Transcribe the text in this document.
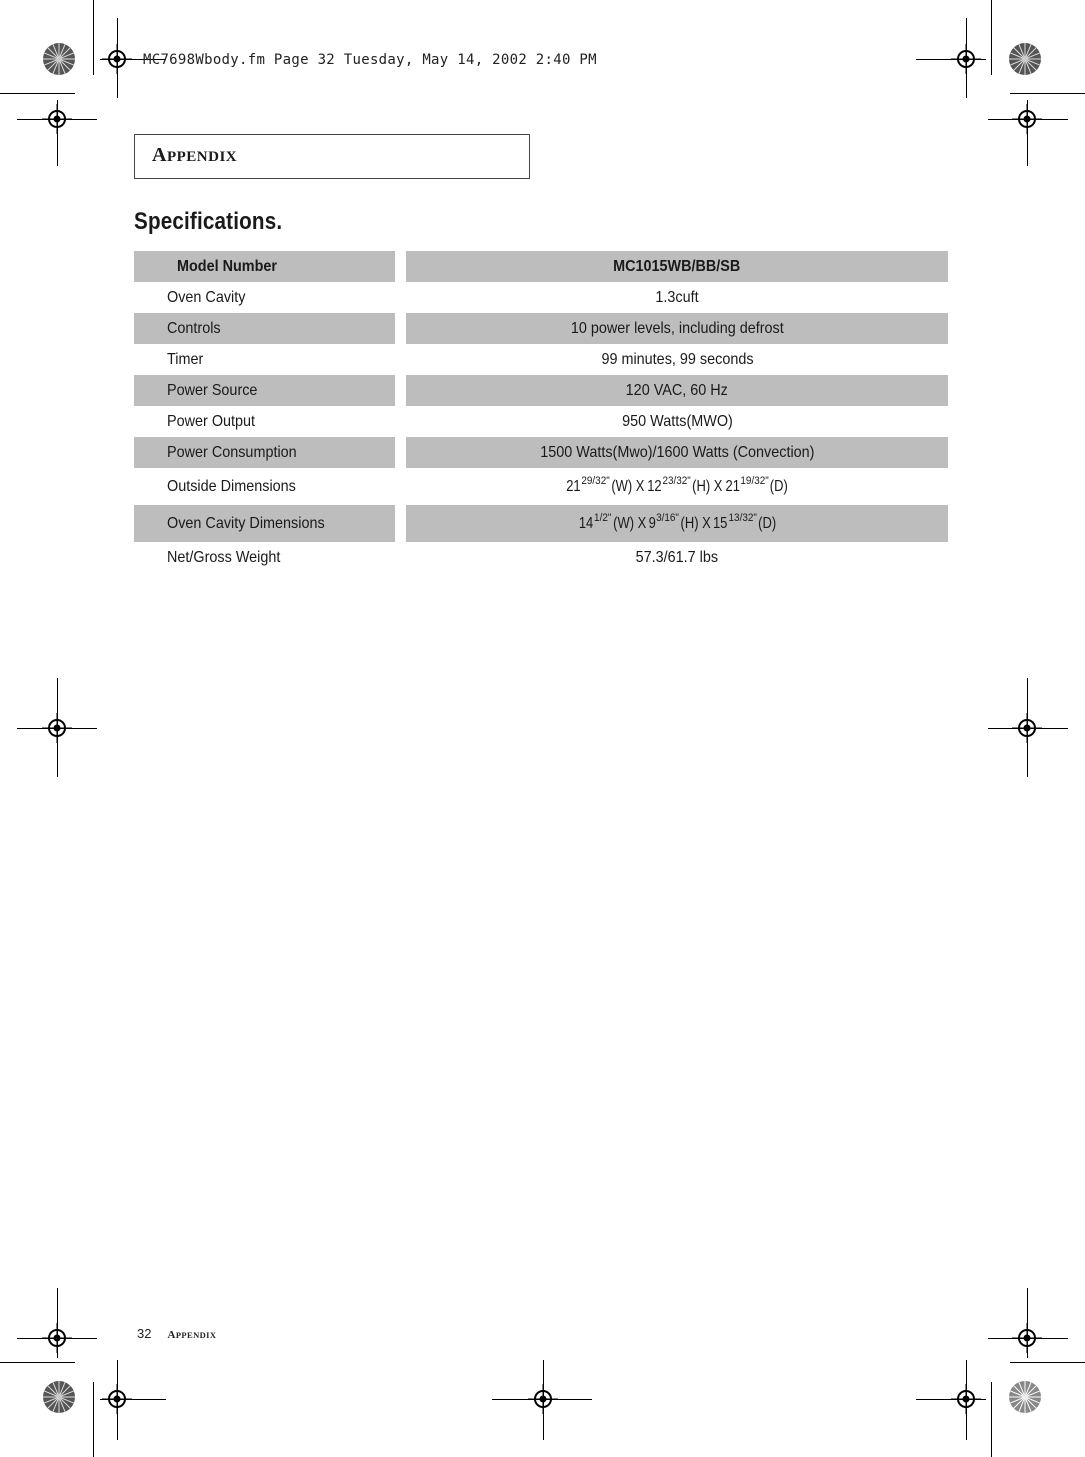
MC7698Wbody.fm Page 32 Tuesday, May 14, 2002 2:40 PM
APPENDIX
Specifications.
Model Number	MC1015WB/BB/SB
Oven Cavity	1.3cuft
Controls	10 power levels, including defrost
Timer	99 minutes, 99 seconds
Power Source	120 VAC, 60 Hz
Power Output	950 Watts(MWO)
Power Consumption	1500 Watts(Mwo)/1600 Watts (Convection)
Outside Dimensions	$21^{29/32"}$ (W) $X12^{23/32"}$ (H) $X21^{19/32"}(D)$
Oven Cavity Dimensions	$14^{1/2"}$ (W) $X9^{3/16"}$ (H) $X15^{13/32"}(D)$
Net/Gross Weight	57.3/61.7 lbs
32 APPENDIX
